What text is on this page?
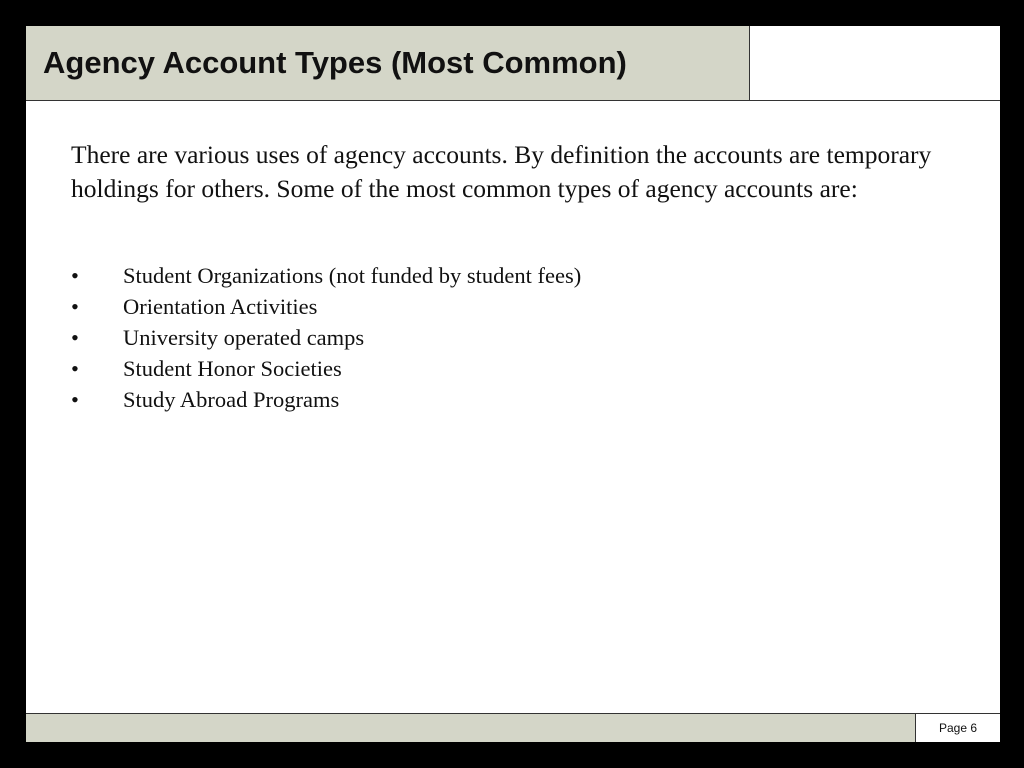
Agency Account Types (Most Common)

There are various uses of agency accounts. By definition the accounts are temporary holdings for others. Some of the most common types of agency accounts are:

• Student Organizations (not funded by student fees)
• Orientation Activities
• University operated camps
• Student Honor Societies
• Study Abroad Programs
Page 6
